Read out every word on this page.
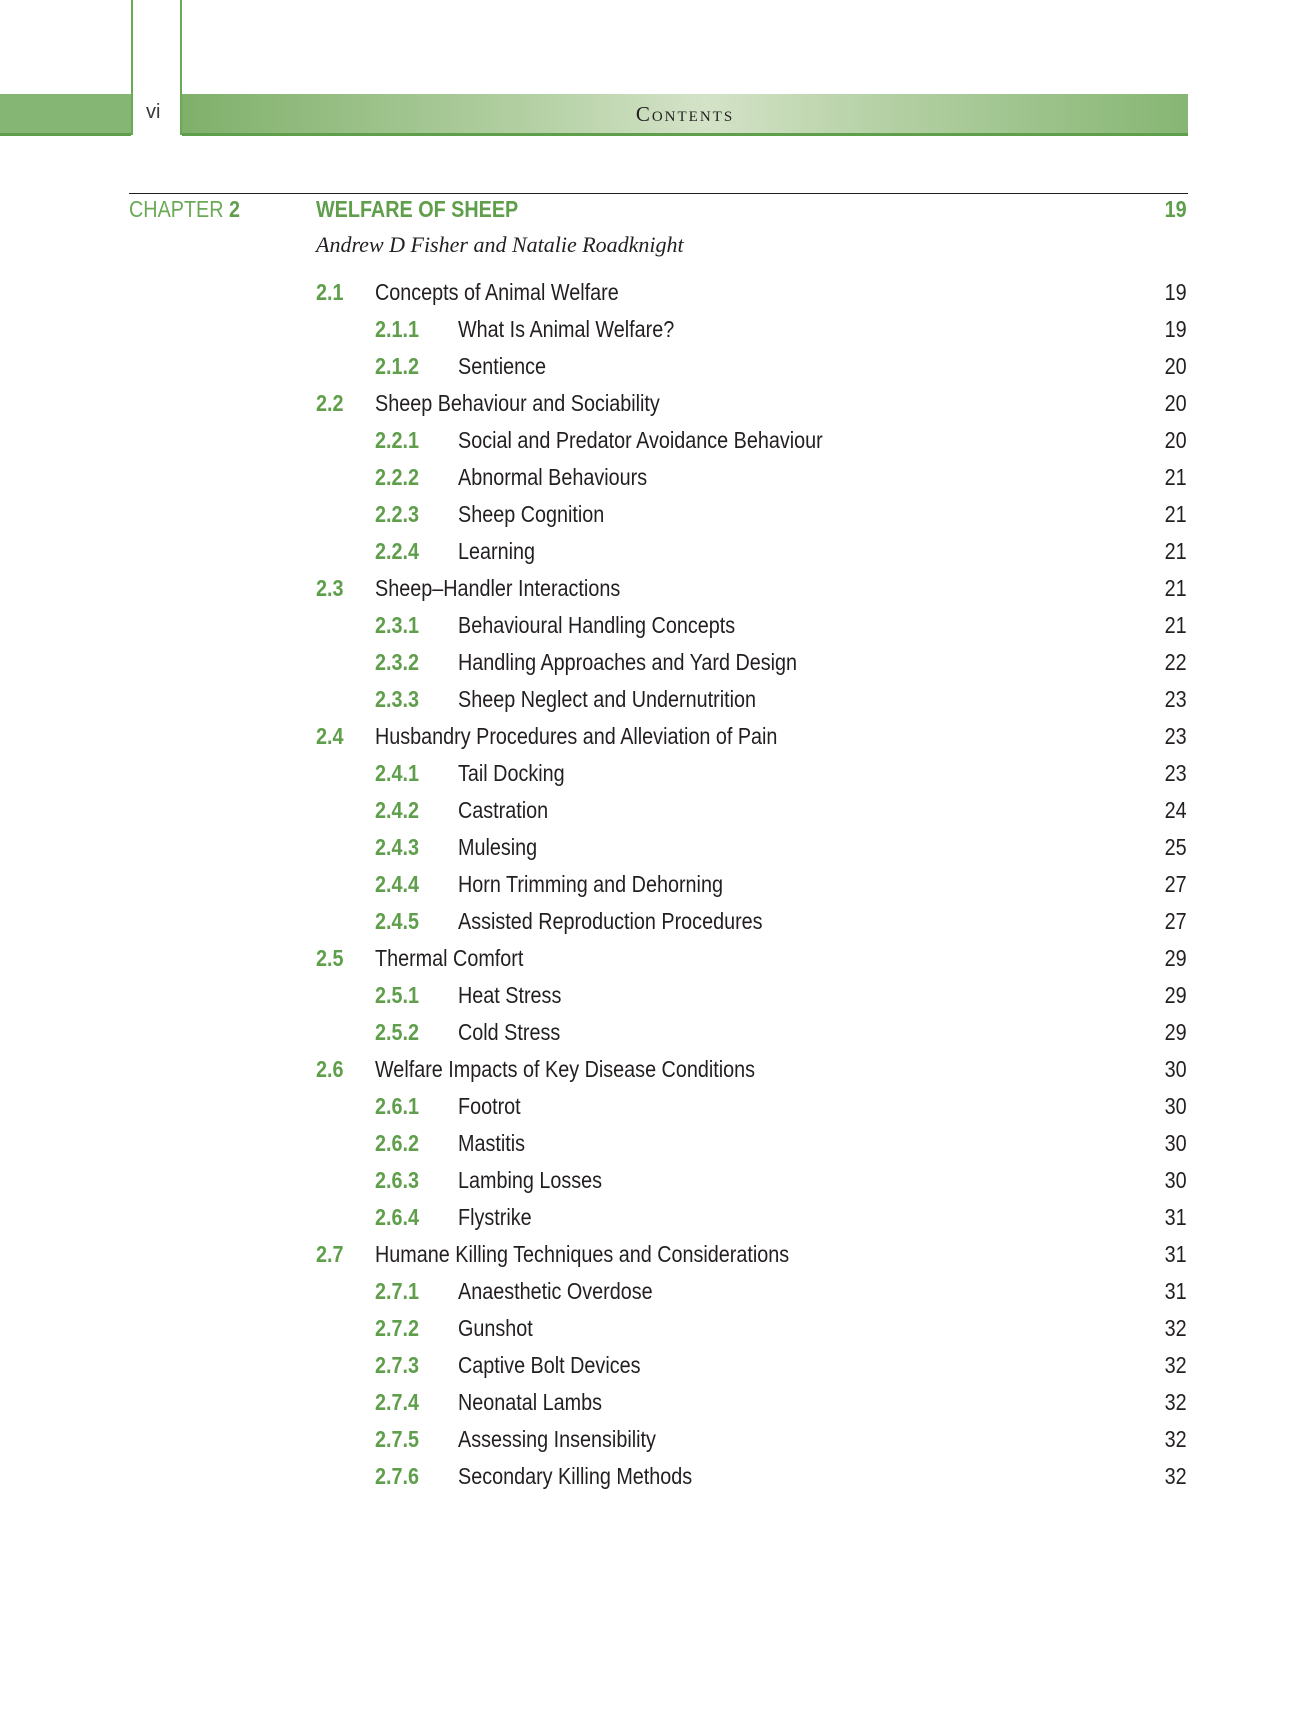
vi	Contents
CHAPTER 2	WELFARE OF SHEEP	19
Andrew D Fisher and Natalie Roadknight
2.1 Concepts of Animal Welfare	19
2.1.1 What Is Animal Welfare?	19
2.1.2 Sentience	20
2.2 Sheep Behaviour and Sociability	20
2.2.1 Social and Predator Avoidance Behaviour	20
2.2.2 Abnormal Behaviours	21
2.2.3 Sheep Cognition	21
2.2.4 Learning	21
2.3 Sheep–Handler Interactions	21
2.3.1 Behavioural Handling Concepts	21
2.3.2 Handling Approaches and Yard Design	22
2.3.3 Sheep Neglect and Undernutrition	23
2.4 Husbandry Procedures and Alleviation of Pain	23
2.4.1 Tail Docking	23
2.4.2 Castration	24
2.4.3 Mulesing	25
2.4.4 Horn Trimming and Dehorning	27
2.4.5 Assisted Reproduction Procedures	27
2.5 Thermal Comfort	29
2.5.1 Heat Stress	29
2.5.2 Cold Stress	29
2.6 Welfare Impacts of Key Disease Conditions	30
2.6.1 Footrot	30
2.6.2 Mastitis	30
2.6.3 Lambing Losses	30
2.6.4 Flystrike	31
2.7 Humane Killing Techniques and Considerations	31
2.7.1 Anaesthetic Overdose	31
2.7.2 Gunshot	32
2.7.3 Captive Bolt Devices	32
2.7.4 Neonatal Lambs	32
2.7.5 Assessing Insensibility	32
2.7.6 Secondary Killing Methods	32
